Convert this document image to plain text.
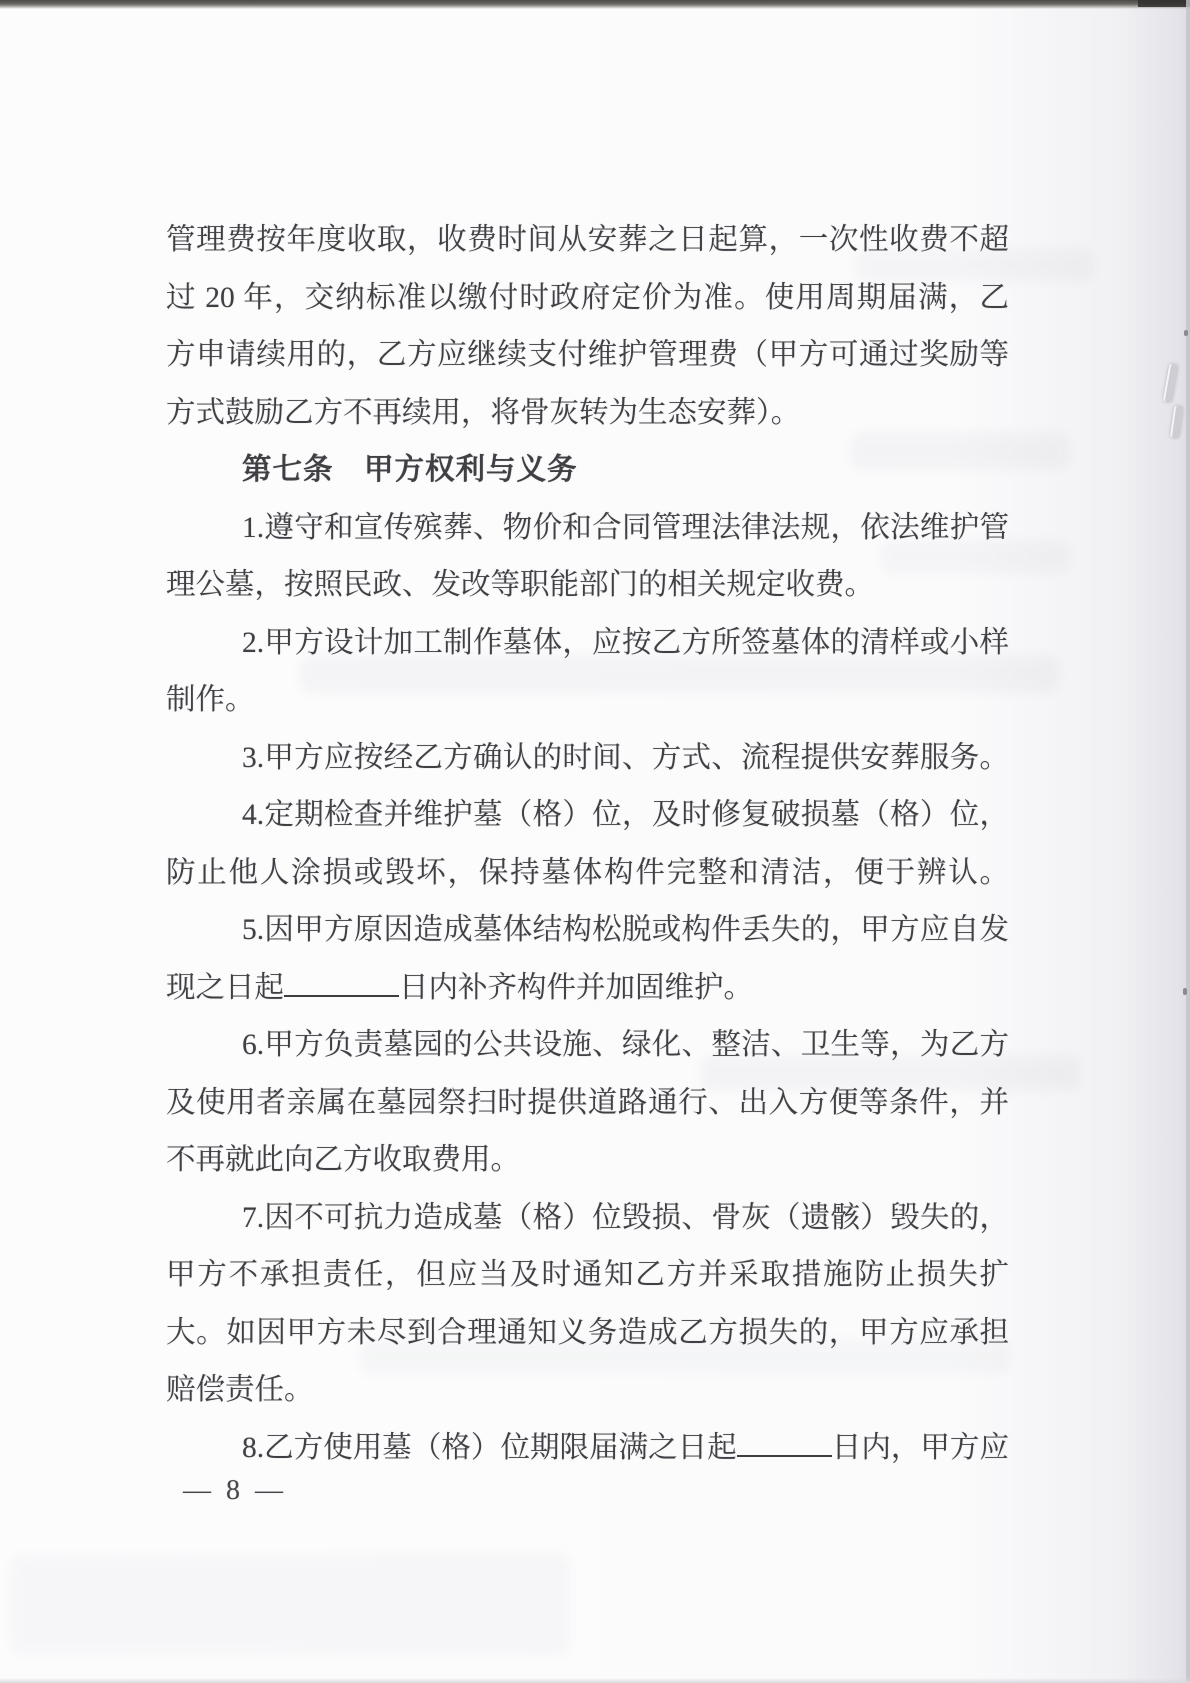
管理费按年度收取，收费时间从安葬之日起算，一次性收费不超
过 20 年，交纳标准以缴付时政府定价为准。使用周期届满，乙
方申请续用的，乙方应继续支付维护管理费（甲方可通过奖励等
方式鼓励乙方不再续用，将骨灰转为生态安葬）。
第七条　甲方权利与义务
1.遵守和宣传殡葬、物价和合同管理法律法规，依法维护管
理公墓，按照民政、发改等职能部门的相关规定收费。
2.甲方设计加工制作墓体，应按乙方所签墓体的清样或小样
制作。
3.甲方应按经乙方确认的时间、方式、流程提供安葬服务。
4.定期检查并维护墓（格）位，及时修复破损墓（格）位，
防止他人涂损或毁坏，保持墓体构件完整和清洁，便于辨认。
5.因甲方原因造成墓体结构松脱或构件丢失的，甲方应自发
现之日起	日内补齐构件并加固维护。
6.甲方负责墓园的公共设施、绿化、整洁、卫生等，为乙方
及使用者亲属在墓园祭扫时提供道路通行、出入方便等条件，并
不再就此向乙方收取费用。
7.因不可抗力造成墓（格）位毁损、骨灰（遗骸）毁失的，
甲方不承担责任，但应当及时通知乙方并采取措施防止损失扩
大。如因甲方未尽到合理通知义务造成乙方损失的，甲方应承担
赔偿责任。
8.乙方使用墓（格）位期限届满之日起	日内，甲方应
— 8 —
